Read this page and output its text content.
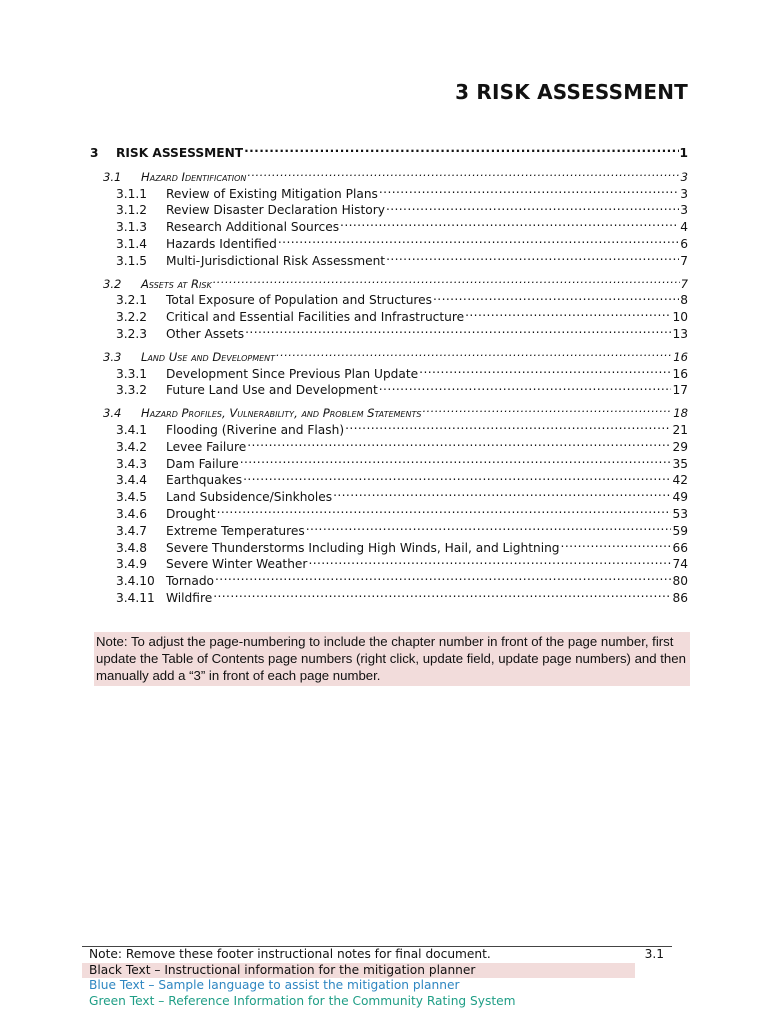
3 RISK ASSESSMENT
3	RISK ASSESSMENT .....	1
3.1	Hazard Identification .....	3
3.1.1	Review of Existing Mitigation Plans .....	3
3.1.2	Review Disaster Declaration History .....	3
3.1.3	Research Additional Sources .....	4
3.1.4	Hazards Identified .....	6
3.1.5	Multi-Jurisdictional Risk Assessment .....	7
3.2	Assets at Risk .....	7
3.2.1	Total Exposure of Population and Structures .....	8
3.2.2	Critical and Essential Facilities and Infrastructure .....	10
3.2.3	Other Assets .....	13
3.3	Land Use and Development .....	16
3.3.1	Development Since Previous Plan Update .....	16
3.3.2	Future Land Use and Development .....	17
3.4	Hazard Profiles, Vulnerability, and Problem Statements .....	18
3.4.1	Flooding (Riverine and Flash) .....	21
3.4.2	Levee Failure .....	29
3.4.3	Dam Failure .....	35
3.4.4	Earthquakes .....	42
3.4.5	Land Subsidence/Sinkholes .....	49
3.4.6	Drought .....	53
3.4.7	Extreme Temperatures .....	59
3.4.8	Severe Thunderstorms Including High Winds, Hail, and Lightning .....	66
3.4.9	Severe Winter Weather .....	74
3.4.10 Tornado .....	80
3.4.11 Wildfire .....	86
Note: To adjust the page-numbering to include the chapter number in front of the page number, first update the Table of Contents page numbers (right click, update field, update page numbers) and then manually add a “3” in front of each page number.
Note: Remove these footer instructional notes for final document.	3.1
Black Text – Instructional information for the mitigation planner
Blue Text – Sample language to assist the mitigation planner
Green Text – Reference Information for the Community Rating System
